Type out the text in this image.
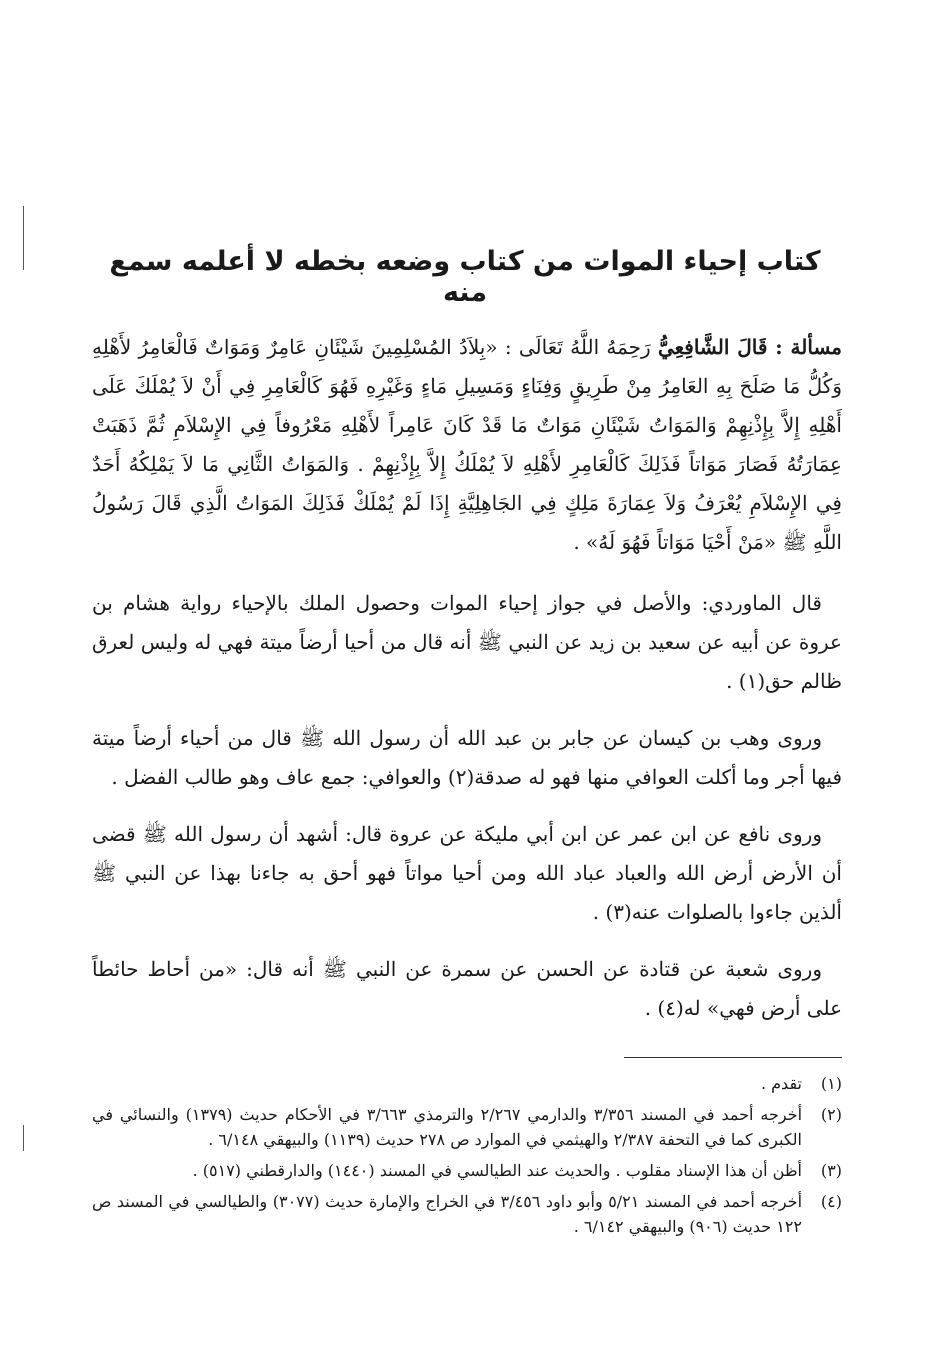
كتاب إحياء الموات من كتاب وضعه بخطه لا أعلمه سمع منه

مسألة : قَالَ الشَّافِعِيُّ رَحِمَهُ اللَّهُ تَعَالَى : «بِلاَدُ المُسْلِمِينَ شَيْئَانِ عَامِرٌ وَمَوَاتٌ فَالْعَامِرُ لأَهْلِهِ وَكُلُّ مَا صَلَحَ بِهِ العَامِرُ مِنْ طَرِيقٍ وَفِنَاءٍ وَمَسِيلِ مَاءٍ وَغَيْرِهِ فَهُوَ كَالْعَامِرِ فِي أَنْ لاَ يُمْلَكَ عَلَى أَهْلِهِ إِلاَّ بِإِذْنِهِمْ وَالمَوَاتُ شَيْئَانِ مَوَاتٌ مَا قَدْ كَانَ عَامِراً لأَهْلِهِ مَعْرُوفاً فِي الإِسْلاَمِ ثُمَّ ذَهَبَتْ عِمَارَتُهُ فَصَارَ مَوَاتاً فَذَلِكَ كَالْعَامِرِ لأَهْلِهِ لاَ يُمْلَكُ إِلاَّ بِإِذْنِهِمْ . وَالمَوَاتُ الثَّانِي مَا لاَ يَمْلِكُهُ أَحَدٌ فِي الإِسْلاَمِ يُعْرَفُ وَلاَ عِمَارَةَ مَلِكٍ فِي الجَاهِلِيَّةِ إِذَا لَمْ يُمْلَكْ فَذَلِكَ المَوَاتُ الَّذِي قَالَ رَسُولُ اللَّهِ ﷺ «مَنْ أَحْيَا مَوَاتاً فَهُوَ لَهُ» .

قال الماوردي: والأصل في جواز إحياء الموات وحصول الملك بالإحياء رواية هشام بن عروة عن أبيه عن سعيد بن زيد عن النبي ﷺ أنه قال من أحيا أرضاً ميتة فهي له وليس لعرق ظالم حق(١) .

وروى وهب بن كيسان عن جابر بن عبد الله أن رسول الله ﷺ قال من أحياء أرضاً ميتة فيها أجر وما أكلت العوافي منها فهو له صدقة(٢) والعوافي: جمع عاف وهو طالب الفضل .

وروى نافع عن ابن عمر عن ابن أبي مليكة عن عروة قال: أشهد أن رسول الله ﷺ قضى أن الأرض أرض الله والعباد عباد الله ومن أحيا مواتاً فهو أحق به جاءنا بهذا عن النبي ﷺ ألذين جاءوا بالصلوات عنه(٣) .

وروى شعبة عن قتادة عن الحسن عن سمرة عن النبي ﷺ أنه قال: «من أحاط حائطاً على أرض فهي» له(٤) .

(١)
تقدم .
(٢)
أخرجه أحمد في المسند ٣/٣٥٦ والدارمي ٢/٢٦٧ والترمذي ٣/٦٦٣ في الأحكام حديث (١٣٧٩) والنسائي في الكبرى كما في التحفة ٢/٣٨٧ والهيثمي في الموارد ص ٢٧٨ حديث (١١٣٩) والبيهقي ٦/١٤٨ .
(٣)
أظن أن هذا الإسناد مقلوب . والحديث عند الطيالسي في المسند (١٤٤٠) والدارقطني (٥١٧) .
(٤)
أخرجه أحمد في المسند ٥/٢١ وأبو داود ٣/٤٥٦ في الخراج والإمارة حديث (٣٠٧٧) والطيالسي في المسند ص ١٢٢ حديث (٩٠٦) والبيهقي ٦/١٤٢ .
